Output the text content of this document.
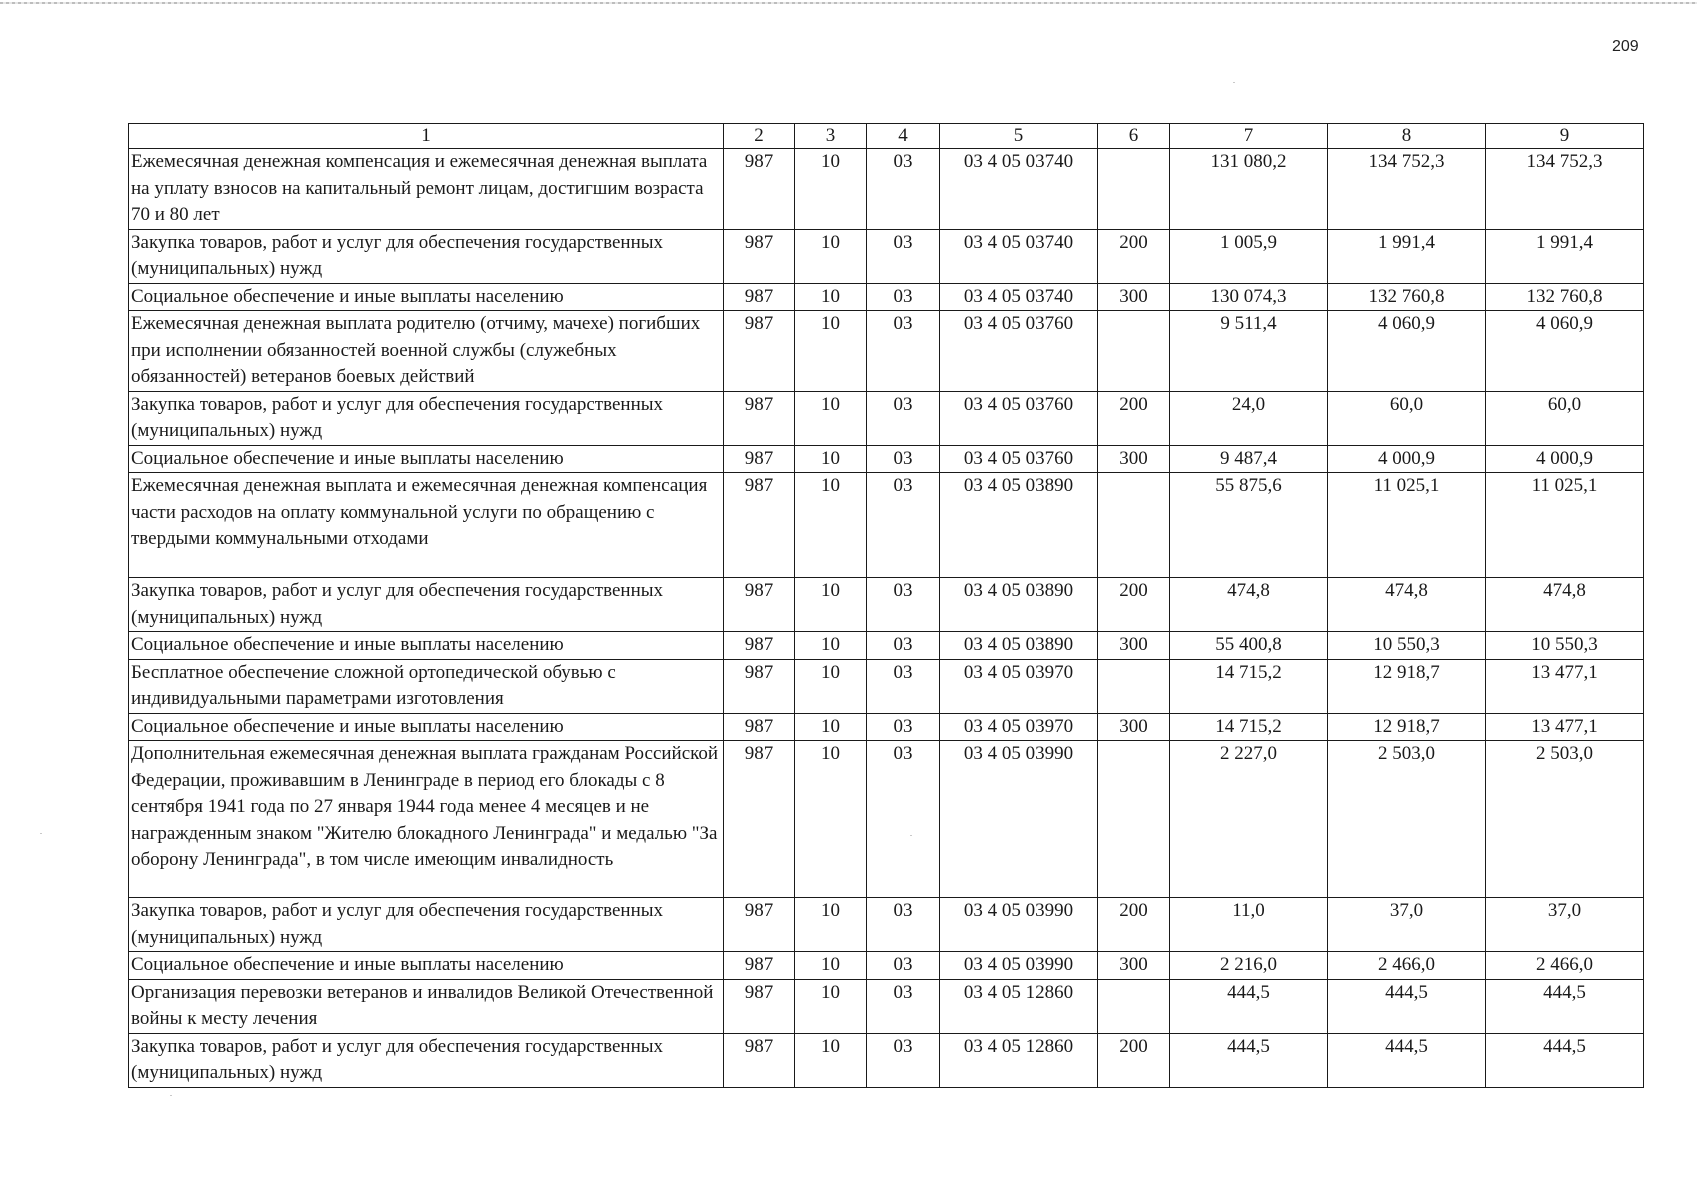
209
1	2	3	4	5	6	7	8	9
Ежемесячная денежная компенсация и ежемесячная денежная выплата на уплату взносов на капитальный ремонт лицам, достигшим возраста 70 и 80 лет	987	10	03	03 4 05 03740		131 080,2	134 752,3	134 752,3
Закупка товаров, работ и услуг для обеспечения государственных (муниципальных) нужд	987	10	03	03 4 05 03740	200	1 005,9	1 991,4	1 991,4
Социальное обеспечение и иные выплаты населению	987	10	03	03 4 05 03740	300	130 074,3	132 760,8	132 760,8
Ежемесячная денежная выплата родителю (отчиму, мачехе) погибших при исполнении обязанностей военной службы (служебных обязанностей) ветеранов боевых действий	987	10	03	03 4 05 03760		9 511,4	4 060,9	4 060,9
Закупка товаров, работ и услуг для обеспечения государственных (муниципальных) нужд	987	10	03	03 4 05 03760	200	24,0	60,0	60,0
Социальное обеспечение и иные выплаты населению	987	10	03	03 4 05 03760	300	9 487,4	4 000,9	4 000,9
Ежемесячная денежная выплата и ежемесячная денежная компенсация части расходов на оплату коммунальной услуги по обращению с твердыми коммунальными отходами	987	10	03	03 4 05 03890		55 875,6	11 025,1	11 025,1
Закупка товаров, работ и услуг для обеспечения государственных (муниципальных) нужд	987	10	03	03 4 05 03890	200	474,8	474,8	474,8
Социальное обеспечение и иные выплаты населению	987	10	03	03 4 05 03890	300	55 400,8	10 550,3	10 550,3
Бесплатное обеспечение сложной ортопедической обувью с индивидуальными параметрами изготовления	987	10	03	03 4 05 03970		14 715,2	12 918,7	13 477,1
Социальное обеспечение и иные выплаты населению	987	10	03	03 4 05 03970	300	14 715,2	12 918,7	13 477,1
Дополнительная ежемесячная денежная выплата гражданам Российской Федерации, проживавшим в Ленинграде в период его блокады с 8 сентября 1941 года по 27 января 1944 года менее 4 месяцев и не награжденным знаком "Жителю блокадного Ленинграда" и медалью "За оборону Ленинграда", в том числе имеющим инвалидность	987	10	03	03 4 05 03990		2 227,0	2 503,0	2 503,0
Закупка товаров, работ и услуг для обеспечения государственных (муниципальных) нужд	987	10	03	03 4 05 03990	200	11,0	37,0	37,0
Социальное обеспечение и иные выплаты населению	987	10	03	03 4 05 03990	300	2 216,0	2 466,0	2 466,0
Организация перевозки ветеранов и инвалидов Великой Отечественной войны к месту лечения	987	10	03	03 4 05 12860		444,5	444,5	444,5
Закупка товаров, работ и услуг для обеспечения государственных (муниципальных) нужд	987	10	03	03 4 05 12860	200	444,5	444,5	444,5
